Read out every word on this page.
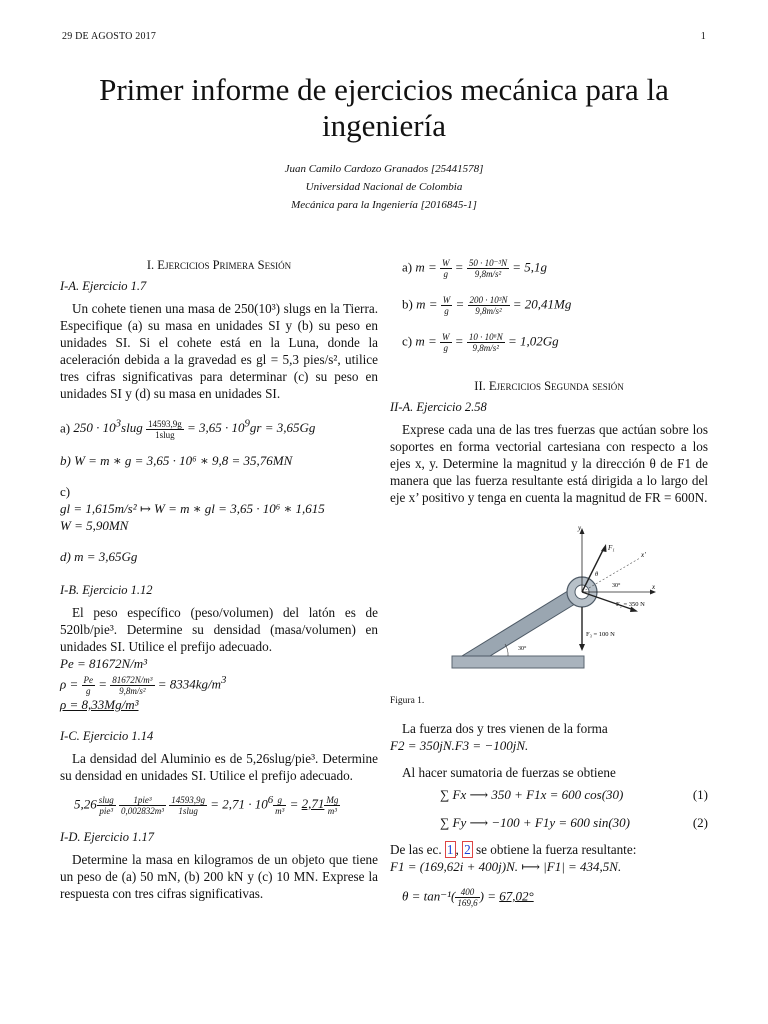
29 DE AGOSTO 2017	1
Primer informe de ejercicios mecánica para la ingeniería
Juan Camilo Cardozo Granados [25441578]
Universidad Nacional de Colombia
Mecánica para la Ingeniería [2016845-1]
I. Ejercicios Primera Sesión
I-A. Ejercicio 1.7

Un cohete tienen una masa de 250(10³) slugs en la Tierra. Especifique (a) su masa en unidades SI y (b) su peso en unidades SI. Si el cohete está en la Luna, donde la aceleración debida a la gravedad es gl = 5,3 pies/s², utilice tres cifras significativas para determinar (c) su peso en unidades SI y (d) su masa en unidades SI.

a) $250 \cdot 10^3slug \frac{14593,9g}{\text{1slug}} = 3,65 \cdot 10^9gr = 3,65Gg$
b) W = m ∗ g = 3,65 · 10⁶ ∗ 9,8 = 35,76MN
c)
gl = 1,615m/s² ↦ W = m ∗ gl = 3,65 · 10⁶ ∗ 1,615
W = 5,90MN
d) m = 3,65Gg
I-B. Ejercicio 1.12

El peso específico (peso/volumen) del latón es de 520lb/pie³. Determine su densidad (masa/volumen) en unidades SI. Utilice el prefijo adecuado.

Pe = 81672N/m³
$\rho = \frac{Pe}{g} = \frac{\text{81672N/m³}}{\text{9,8m/s²}} = 8334kg/m^3$
ρ = 8,33Mg/m³
I-C. Ejercicio 1.14

La densidad del Aluminio es de 5,26slug/pie³. Determine su densidad en unidades SI. Utilice el prefijo adecuado.

$5,26 \frac{\text{slug}}{\text{pie³}}$
$\frac{\text{1pie³}}{\text{0,002832m³}}$
$\frac{14593,9g}{\text{1slug}} = 2,71 \cdot 10^6 \frac{g}{\text{m³}} = 2,71 \frac{Mg}{\text{m³}}$
I-D. Ejercicio 1.17

Determine la masa en kilogramos de un objeto que tiene un peso de (a) 50 mN, (b) 200 kN y (c) 10 MN. Exprese la respuesta con tres cifras significativas.

a) $m = \frac{W}{g} = \frac{\text{50 · 10⁻³N}}{\text{9,8m/s²}} = 5,1g$
b) $m = \frac{W}{g} = \frac{\text{200 · 10³N}}{\text{9,8m/s²}} = 20,41Mg$
c) $m = \frac{W}{g} = \frac{\text{10 · 10⁶N}}{\text{9,8m/s²}} = 1,02Gg$
II. Ejercicios Segunda sesión
II-A. Ejercicio 2.58

Exprese cada una de las tres fuerzas que actúan sobre los soportes en forma vectorial cartesiana con respecto a los ejes x, y. Determine la magnitud y la dirección θ de F1 de manera que las fuerza resultante está dirigida a lo largo del eje x’ positivo y tenga en cuenta la magnitud de FR = 600N.

y
x
x'
F₁
F₂ = 350 N
F₃ = 100 N
θ
30°
30°
Figura 1.

La fuerza dos y tres vienen de la forma

F2 = 350jN.F3 = −100jN.

Al hacer sumatoria de fuerzas se obtiene

∑ Fx ⟶ 350 + F1x = 600 cos(30)	(1)
∑ Fy ⟶ −100 + F1y = 600 sin(30)	(2)

De las ec. 1 , 2 se obtiene la fuerza resultante:

F1 = (169,62i + 400j)N. ⟼ |F1| = 434,5N.
$\theta = \tan^{-1}( \frac{400}{169,6}$ ) = 67,02°
